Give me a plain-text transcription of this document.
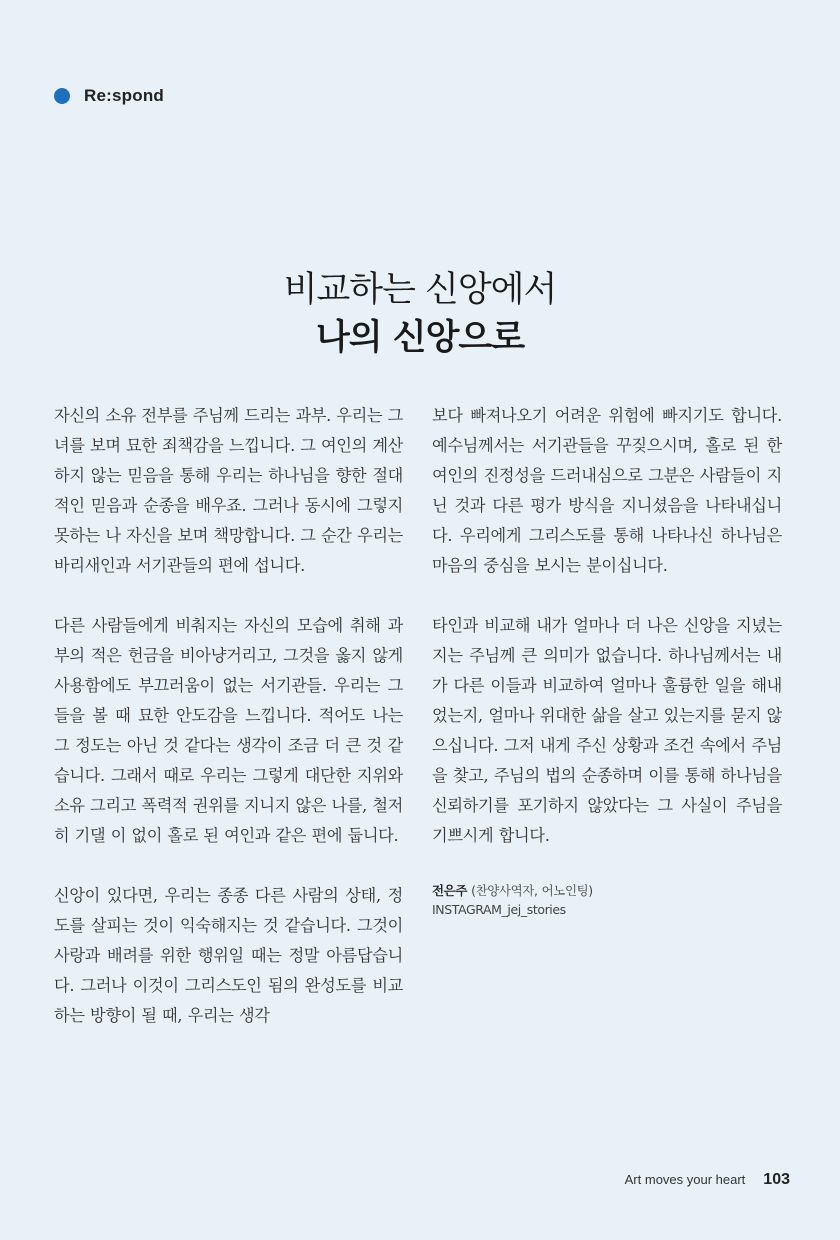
Re:spond
비교하는 신앙에서
나의 신앙으로

자신의 소유 전부를 주님께 드리는 과부. 우리는 그녀를 보며 묘한 죄책감을 느낍니다. 그 여인의 계산하지 않는 믿음을 통해 우리는 하나님을 향한 절대적인 믿음과 순종을 배우죠. 그러나 동시에 그렇지 못하는 나 자신을 보며 책망합니다. 그 순간 우리는 바리새인과 서기관들의 편에 섭니다.

다른 사람들에게 비춰지는 자신의 모습에 취해 과부의 적은 헌금을 비아냥거리고, 그것을 옳지 않게 사용함에도 부끄러움이 없는 서기관들. 우리는 그들을 볼 때 묘한 안도감을 느낍니다. 적어도 나는 그 정도는 아닌 것 같다는 생각이 조금 더 큰 것 같습니다. 그래서 때로 우리는 그렇게 대단한 지위와 소유 그리고 폭력적 권위를 지니지 않은 나를, 철저히 기댈 이 없이 홀로 된 여인과 같은 편에 둡니다.

신앙이 있다면, 우리는 종종 다른 사람의 상태, 정도를 살피는 것이 익숙해지는 것 같습니다. 그것이 사랑과 배려를 위한 행위일 때는 정말 아름답습니다. 그러나 이것이 그리스도인 됨의 완성도를 비교하는 방향이 될 때, 우리는 생각

보다 빠져나오기 어려운 위험에 빠지기도 합니다. 예수님께서는 서기관들을 꾸짖으시며, 홀로 된 한 여인의 진정성을 드러내심으로 그분은 사람들이 지닌 것과 다른 평가 방식을 지니셨음을 나타내십니다. 우리에게 그리스도를 통해 나타나신 하나님은 마음의 중심을 보시는 분이십니다.

타인과 비교해 내가 얼마나 더 나은 신앙을 지녔는지는 주님께 큰 의미가 없습니다. 하나님께서는 내가 다른 이들과 비교하여 얼마나 훌륭한 일을 해내었는지, 얼마나 위대한 삶을 살고 있는지를 묻지 않으십니다. 그저 내게 주신 상황과 조건 속에서 주님을 찾고, 주님의 법의 순종하며 이를 통해 하나님을 신뢰하기를 포기하지 않았다는 그 사실이 주님을 기쁘시게 합니다.

전은주 (찬양사역자, 어노인팅)
INSTAGRAM_jej_stories
Art moves your heart 103
